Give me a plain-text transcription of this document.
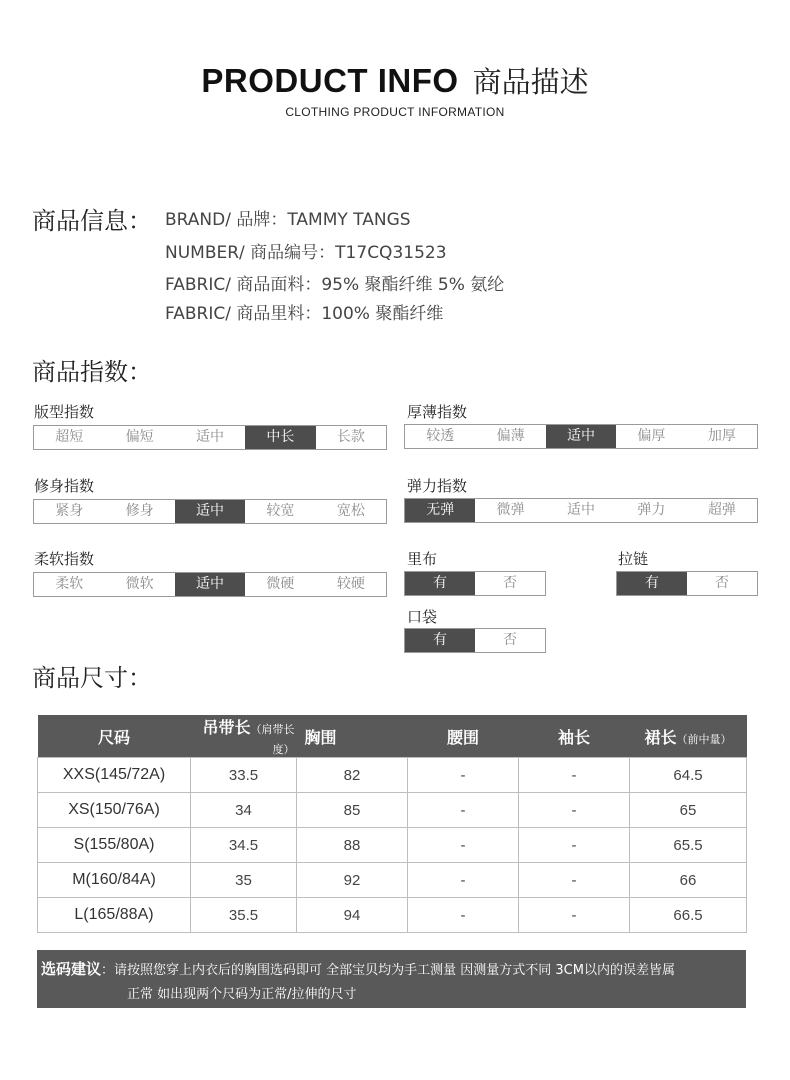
PRODUCT INFO 商品描述
CLOTHING PRODUCT INFORMATION
商品信息： BRAND/ 品牌：TAMMY TANGS
NUMBER/ 商品编号：T17CQ31523
FABRIC/ 商品面料：95% 聚酯纤维 5% 氨纶
FABRIC/ 商品里料：100% 聚酯纤维
商品指数：
版型指数
超短	偏短	适中	中长	长款
厚薄指数
较透	偏薄	适中	偏厚	加厚
修身指数
紧身	修身	适中	较宽	宽松
弹力指数
无弹	微弹	适中	弹力	超弹
柔软指数
柔软	微软	适中	微硬	较硬
里布
有	否
拉链
有	否
口袋
有	否
商品尺寸：
尺码	吊带长（肩带长度）	胸围	腰围	袖长	裙长（前中量）
XXS(145/72A)	33.5	82	-	-	64.5
XS(150/76A)	34	85	-	-	65
S(155/80A)	34.5	88	-	-	65.5
M(160/84A)	35	92	-	-	66
L(165/88A)	35.5	94	-	-	66.5
选码建议：请按照您穿上内衣后的胸围选码即可 全部宝贝均为手工测量 因测量方式不同 3CM以内的误差皆属
正常 如出现两个尺码为正常/拉伸的尺寸
